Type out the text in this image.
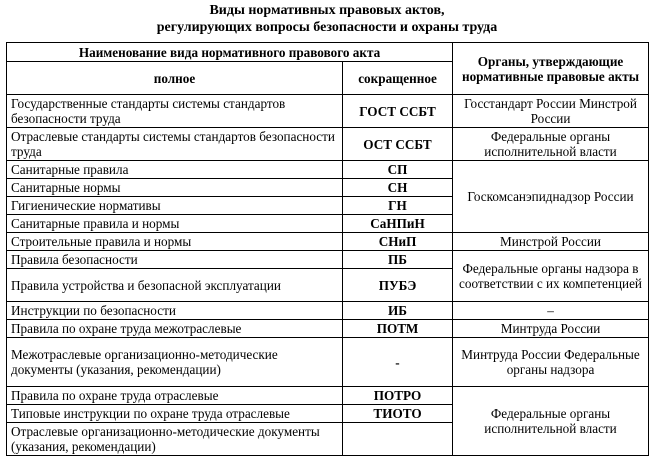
Виды нормативных правовых актов,
регулирующих вопросы безопасности и охраны труда
Наименование вида нормативного правового акта		Органы, утверждающие нормативные правовые акты
полное	сокращенное	
Государственные стандарты системы стандартов безопасности труда	ГОСТ ССБТ	Госстандарт России Минстрой России
Отраслевые стандарты системы стандартов безопасности труда	ОСТ ССБТ	Федеральные органы исполнительной власти
Санитарные правила	СП	Госкомсанэпиднадзор России
Санитарные нормы	СН	
Гигиенические нормативы	ГН	
Санитарные правила и нормы	СаНПиН	
Строительные правила и нормы	СНиП	Минстрой России
Правила безопасности	ПБ	Федеральные органы надзора в соответствии с их компетенцией
Правила устройства и безопасной эксплуатации	ПУБЭ	
Инструкции по безопасности	ИБ	–
Правила по охране труда межотраслевые	ПОТМ	Минтруда России
Межотраслевые организационно-методические документы (указания, рекомендации)	-	Минтруда России Федеральные органы надзора
Правила по охране труда отраслевые	ПОТРО	Федеральные органы исполнительной власти
Типовые инструкции по охране труда отраслевые	ТИОТО	
Отраслевые организационно-методические документы (указания, рекомендации)		
